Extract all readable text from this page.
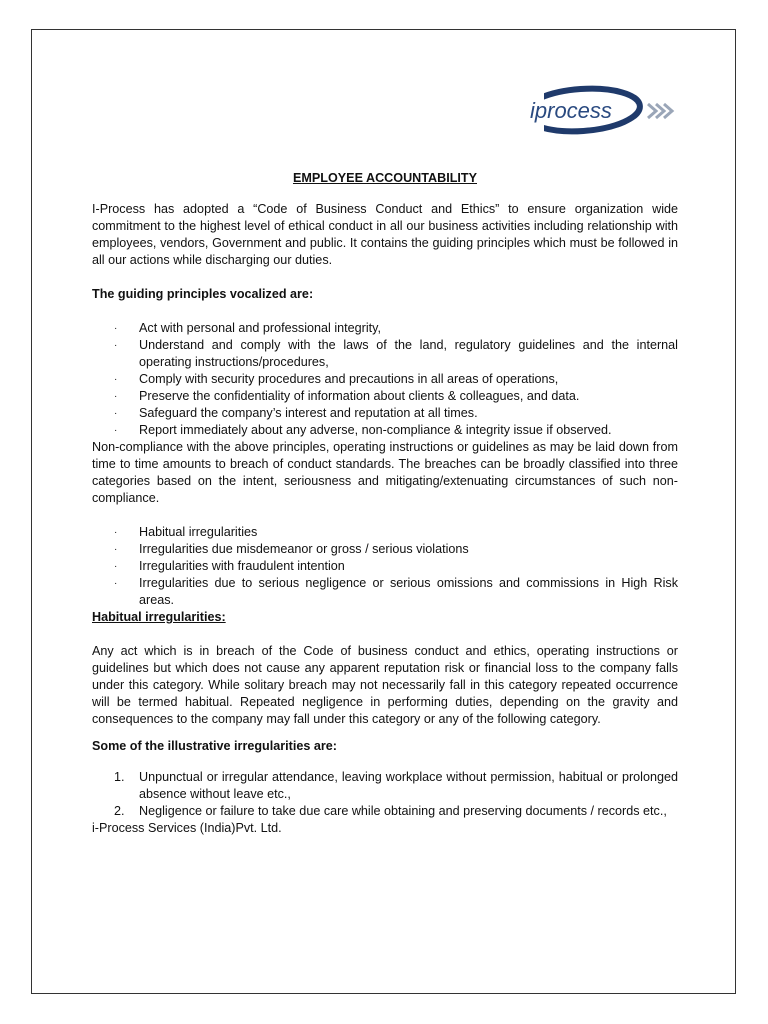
iprocess
EMPLOYEE ACCOUNTABILITY

I-Process has adopted a “Code of Business Conduct and Ethics” to ensure organization wide commitment to the highest level of ethical conduct in all our business activities including relationship with employees, vendors, Government and public. It contains the guiding principles which must be followed in all our actions while discharging our duties.

The guiding principles vocalized are:
· Act with personal and professional integrity,
· Understand and comply with the laws of the land, regulatory guidelines and the internal operating instructions/procedures,
· Comply with security procedures and precautions in all areas of operations,
· Preserve the confidentiality of information about clients & colleagues, and data.
· Safeguard the company’s interest and reputation at all times.
· Report immediately about any adverse, non-compliance & integrity issue if observed.

Non-compliance with the above principles, operating instructions or guidelines as may be laid down from time to time amounts to breach of conduct standards. The breaches can be broadly classified into three categories based on the intent, seriousness and mitigating/extenuating circumstances of such non-compliance.

· Habitual irregularities
· Irregularities due misdemeanor or gross / serious violations
· Irregularities with fraudulent intention
· Irregularities due to serious negligence or serious omissions and commissions in High Risk areas.
Habitual irregularities:

Any act which is in breach of the Code of business conduct and ethics, operating instructions or guidelines but which does not cause any apparent reputation risk or financial loss to the company falls under this category. While solitary breach may not necessarily fall in this category repeated occurrence will be termed habitual. Repeated negligence in performing duties, depending on the gravity and consequences to the company may fall under this category or any of the following category.

Some of the illustrative irregularities are:
1. Unpunctual or irregular attendance, leaving workplace without permission, habitual or prolonged absence without leave etc.,
2. Negligence or failure to take due care while obtaining and preserving documents / records etc.,

i-Process Services (India)Pvt. Ltd.
